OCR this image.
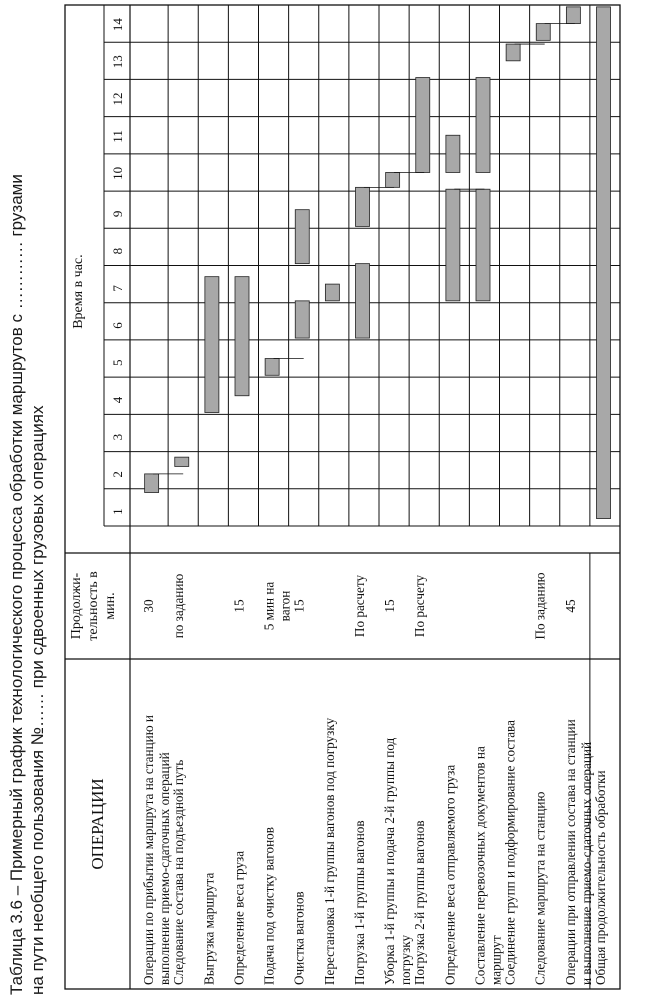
Таблица 3.6 – Примерный график технологического процесса обработки маршрутов с ………… грузами на пути необщего пользования №…… при сдвоенных грузовых операциях ОПЕРАЦИИ
Продолжи- тельность в мин.
Время в час.
1
2
3
4
5
6
7
8
9
10
11
12
13
14
Операции по прибытии маршрута на станцию и выполнение приемо-сдаточных операций
30
Следование состава на подъездной путь
по заданию
Выгрузка маршрута Определение веса груза
15
Подача под очистку вагонов
5 мин на вагон
Очистка вагонов
15
Перестановка 1-й группы вагонов под погрузку Погрузка 1-й группы вагонов
По расчету
Уборка 1-й группы и подача 2-й группы под погрузку
15
Погрузка 2-й группы вагонов
По расчету
Определение веса отправляемого груза Составление перевозочных документов на маршрут Соединение групп и подформирование состава Следование маршрута на станцию
По заданию
Операции при отправлении состава на станции и выполнение приемо-сдаточных операций
45
Общая продолжительность обработки
